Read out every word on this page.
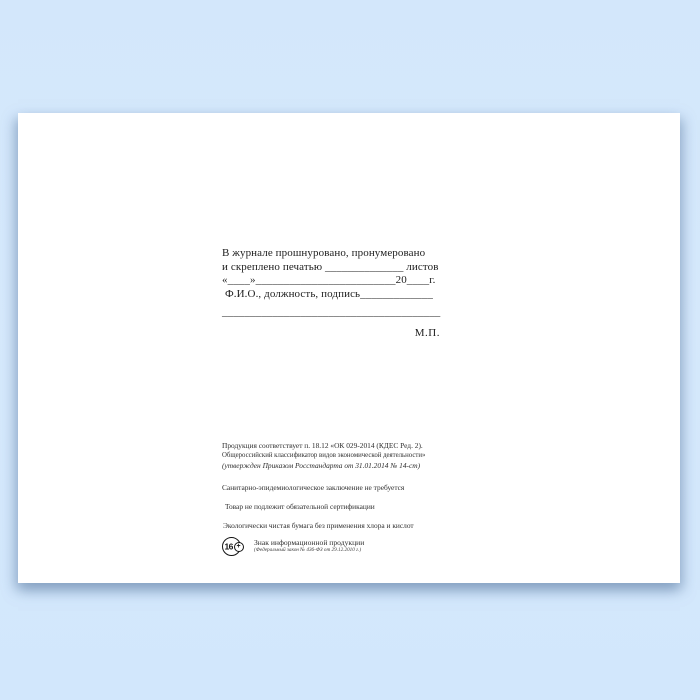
В журнале прошнуровано, пронумеровано
и скреплено печатью ______________ листов
«____»_________________________20____г.
Ф.И.О., должность, подпись_____________
_______________________________________
М.П.
Продукция соответствует п. 18.12 «ОК 029-2014 (КДЕС Ред. 2).
Общероссийский классификатор видов экономической деятельности»
(утвержден Приказом Росстандарта от 31.01.2014 № 14-ст)
Санитарно-эпидемиологическое заключение не требуется
Товар не подлежит обязательной сертификации
Экологически чистая бумага без применения хлора и кислот
16 +	Знак информационной продукции
(Федеральный закон № 436-ФЗ от 29.12.2010 г.)
